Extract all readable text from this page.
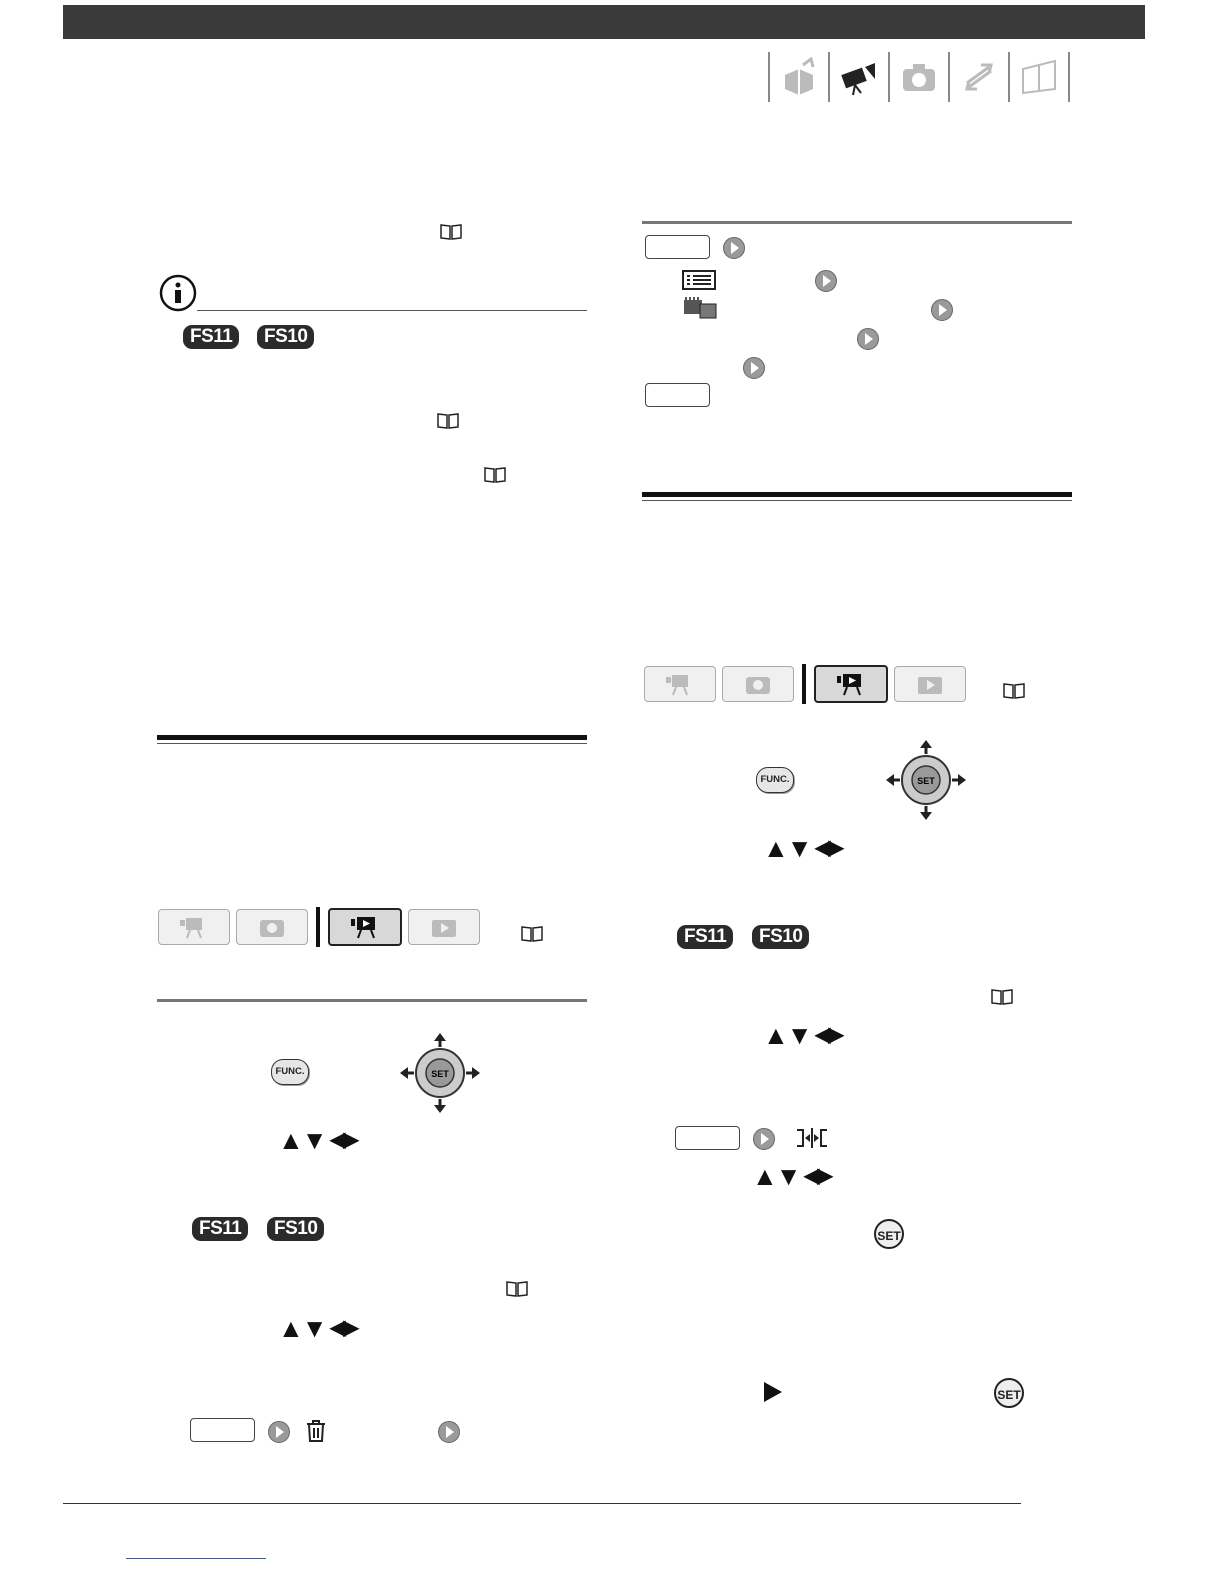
FS11	FS10
FUNC.	SET
▲▼ ◀▶
FS11	FS10
▲▼ ◀▶
FUNC.	SET
▲▼ ◀▶
FS11	FS10
▲▼ ◀▶
▲▼ ◀▶
SET
SET
